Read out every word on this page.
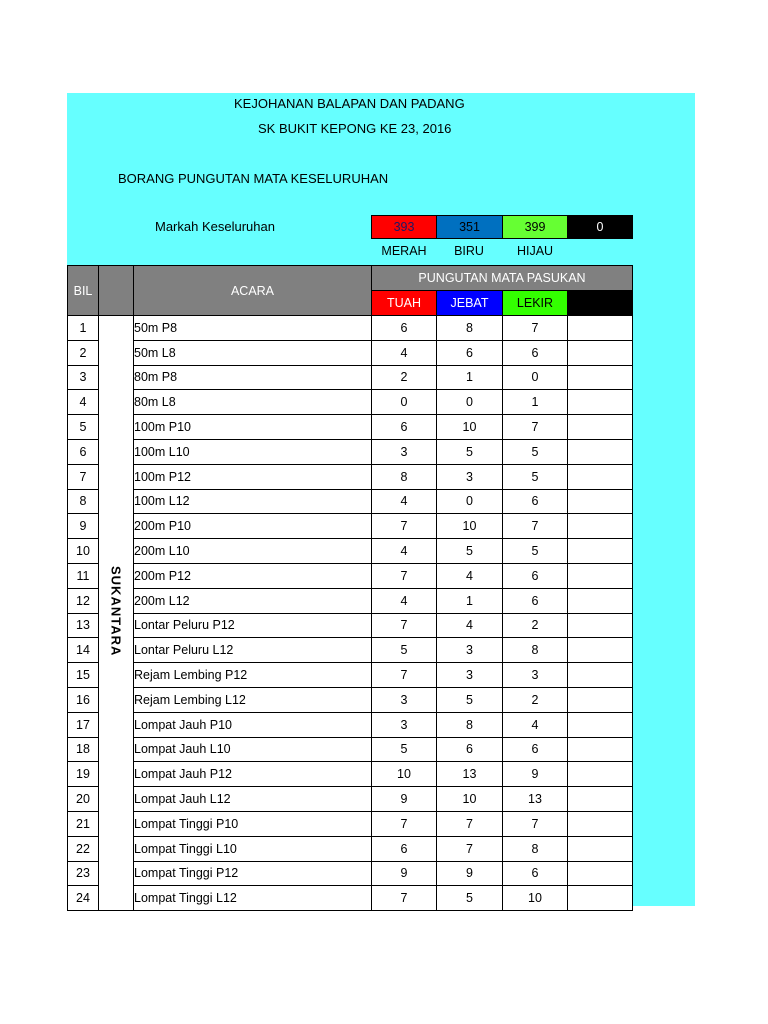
KEJOHANAN BALAPAN DAN PADANG
SK BUKIT KEPONG KE 23, 2016
BORANG PUNGUTAN MATA KESELURUHAN
Markah Keseluruhan	393	351	399	0
MERAH	BIRU	HIJAU
BIL		ACARA	PUNGUTAN MATA PASUKAN			
			TUAH	JEBAT	LEKIR	
1	SUKANTARA	50m P8	6	8	7	
2		50m L8	4	6	6	
3		80m P8	2	1	0	
4		80m L8	0	0	1	
5		100m P10	6	10	7	
6		100m L10	3	5	5	
7		100m P12	8	3	5	
8		100m L12	4	0	6	
9		200m P10	7	10	7	
10		200m L10	4	5	5	
11		200m P12	7	4	6	
12		200m L12	4	1	6	
13		Lontar Peluru P12	7	4	2	
14		Lontar Peluru L12	5	3	8	
15		Rejam Lembing P12	7	3	3	
16		Rejam Lembing L12	3	5	2	
17		Lompat Jauh P10	3	8	4	
18		Lompat Jauh L10	5	6	6	
19		Lompat Jauh P12	10	13	9	
20		Lompat Jauh L12	9	10	13	
21		Lompat Tinggi P10	7	7	7	
22		Lompat Tinggi L10	6	7	8	
23		Lompat Tinggi P12	9	9	6	
24		Lompat Tinggi L12	7	5	10	
